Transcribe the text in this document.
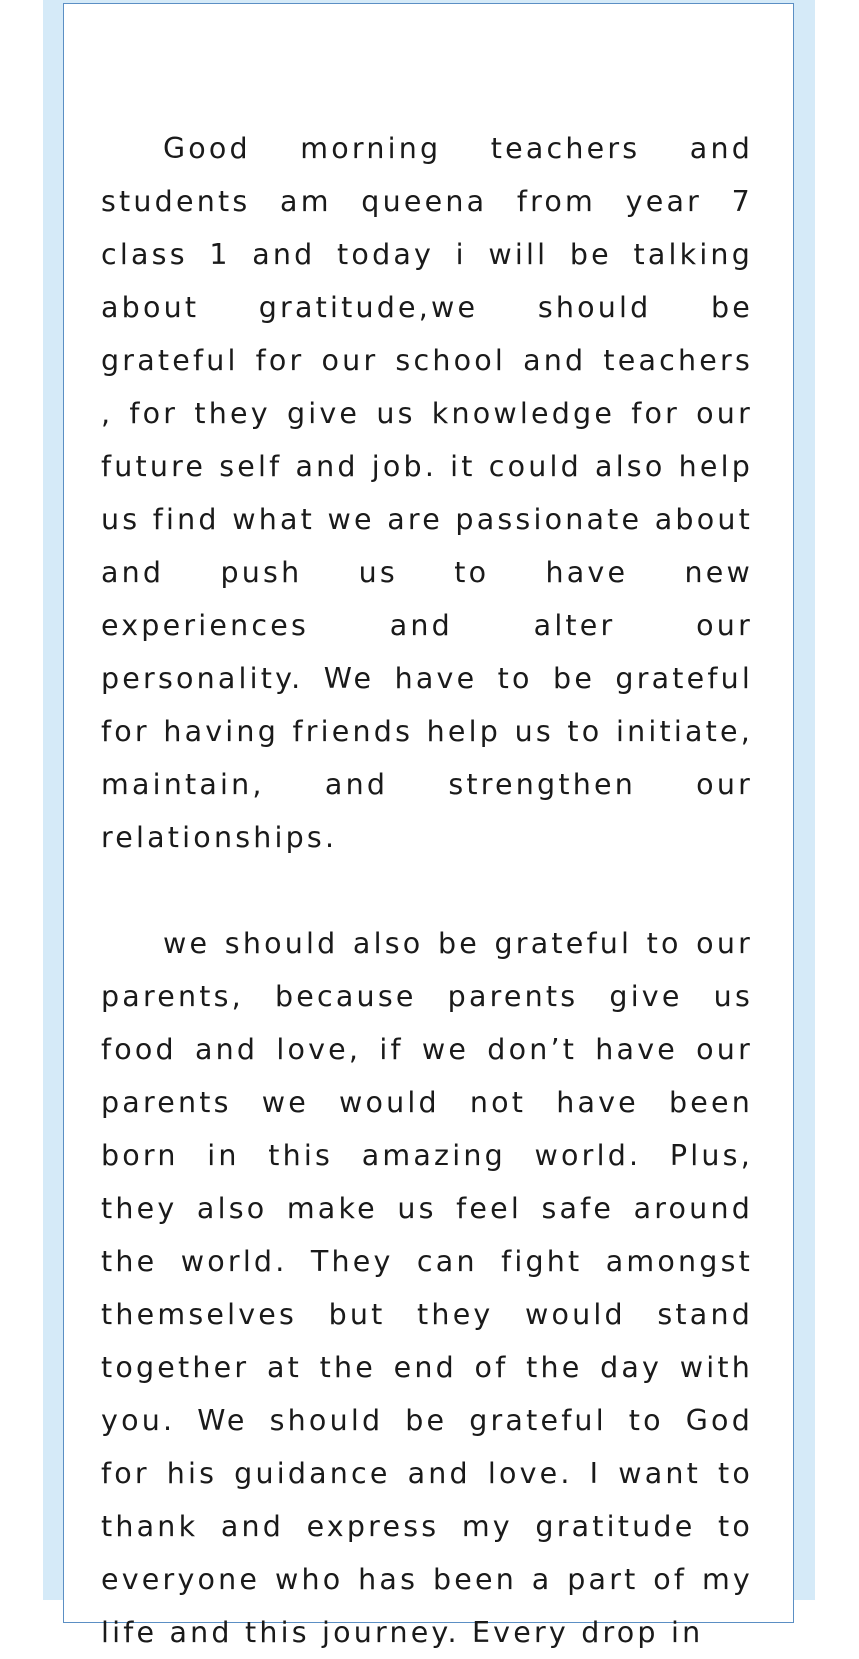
Good morning teachers and students am queena from year 7 class 1 and today i will be talking about gratitude,we should be grateful for our school and teachers , for they give us knowledge for our future self and job. it could also help us find what we are passionate about and push us to have new experiences and alter our personality. We have to be grateful for having friends help us to initiate, maintain, and strengthen our relationships.

we should also be grateful to our parents, because parents give us food and love, if we don’t have our parents we would not have been born in this amazing world. Plus, they also make us feel safe around the world. They can fight amongst themselves but they would stand together at the end of the day with you. We should be grateful to God for his guidance and love. I want to thank and express my gratitude to everyone who has been a part of my life and this journey. Every drop in
